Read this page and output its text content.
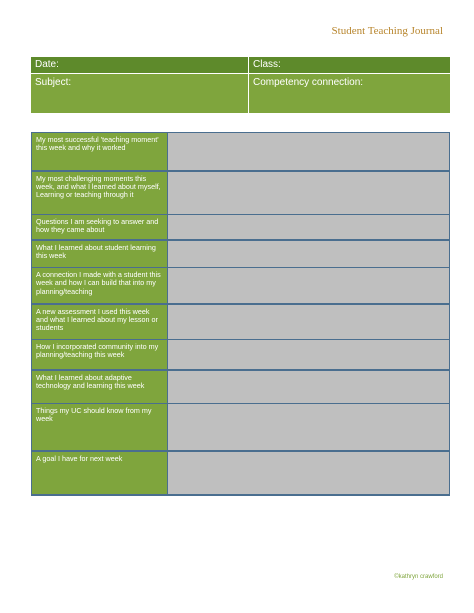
Student Teaching Journal
Date:	Class:
Subject:	Competency connection:
My most successful 'teaching moment' this week and why it worked
My most challenging moments this week, and what I learned about myself, Learning or teaching through it
Questions I am seeking to answer and how they came about
What I learned about student learning this week
A connection I made with a student this week and how I can build that into my planning/teaching
A new assessment I used this week and what I learned about my lesson or students
How I incorporated community into my planning/teaching this week
What I learned about adaptive technology and learning this week
Things my UC should know from my week
A goal I have for next week
©kathryn crawford
